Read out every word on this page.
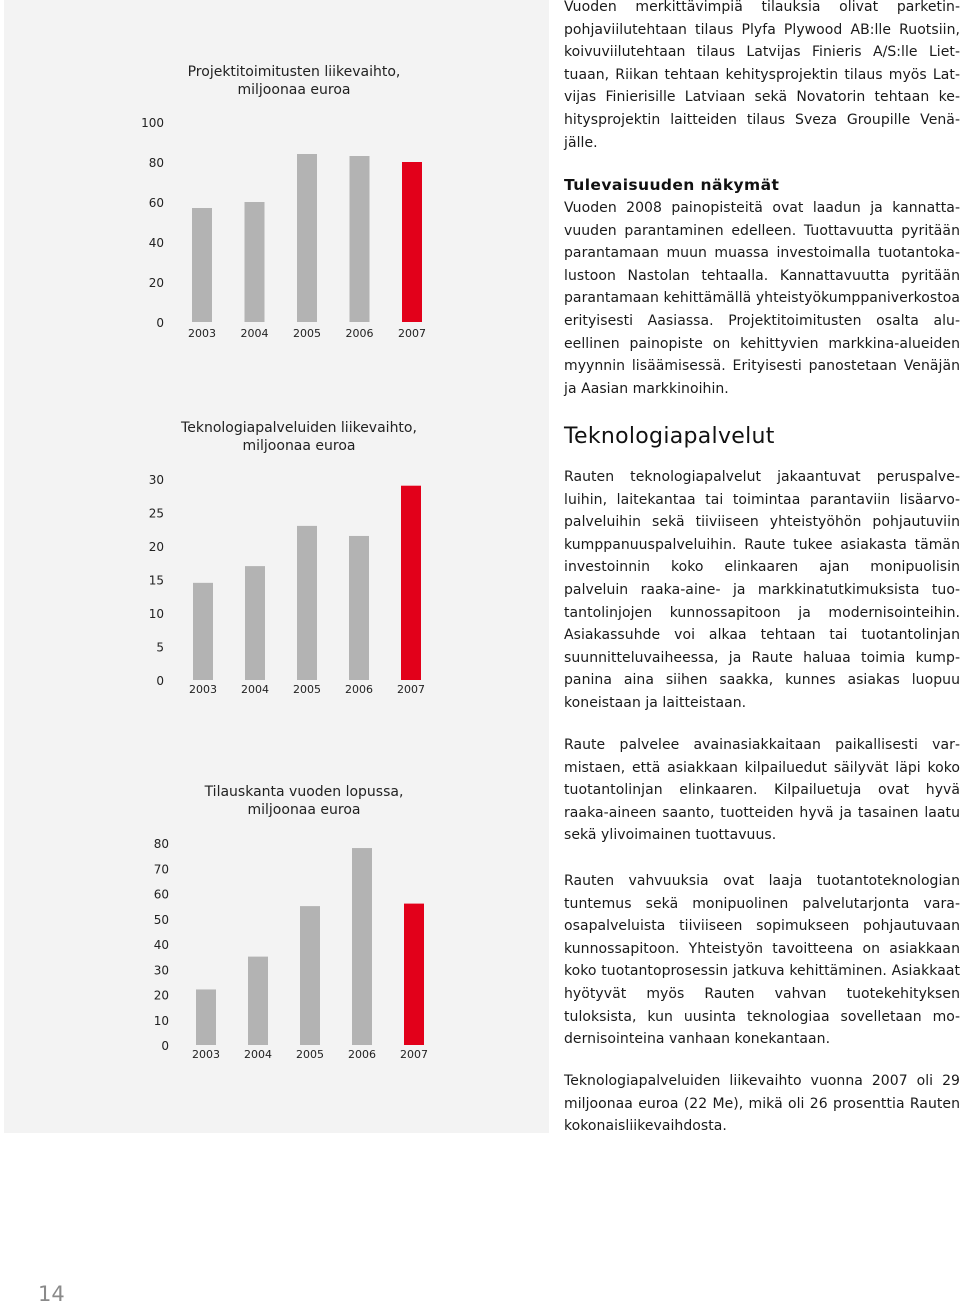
Projektitoimitusten liikevaihto,
miljoonaa euroa
0
20
40
60
80
100
2003 2004 2005 2006 2007
Teknologiapalveluiden liikevaihto,
miljoonaa euroa
0
5
10
15
20
25
30
2003 2004 2005 2006 2007
Tilauskanta vuoden lopussa,
miljoonaa euroa
0
10
20
30
40
50
60
70
80
2003 2004 2005 2006 2007

Vuoden merkittävimpiä tilauksia olivat parketinpohjaviilutehtaan tilaus Plyfa Plywood AB:lle Ruotsiin, koivuviilutehtaan tilaus Latvijas Finieris A/S:lle Liettuaan, Riikan tehtaan kehitysprojektin tilaus myös Latvijas Finierisille Latviaan sekä Novatorin tehtaan kehitysprojektin laitteiden tilaus Sveza Groupille Venäjälle.

Tulevaisuuden näkymät

Vuoden 2008 painopisteitä ovat laadun ja kannattavuuden parantaminen edelleen. Tuottavuutta pyritään parantamaan muun muassa investoimalla tuotantokalustoon Nastolan tehtaalla. Kannattavuutta pyritään parantamaan kehittämällä yhteistyökumppaniverkostoa erityisesti Aasiassa. Projektitoimitusten osalta alueellinen painopiste on kehittyvien markkina-alueiden myynnin lisäämisessä. Erityisesti panostetaan Venäjän ja Aasian markkinoihin.

Teknologiapalvelut

Rauten teknologiapalvelut jakaantuvat peruspalveluihin, laitekantaa tai toimintaa parantaviin lisäarvopalveluihin sekä tiiviiseen yhteistyöhön pohjautuviin kumppanuuspalveluihin. Raute tukee asiakasta tämän investoinnin koko elinkaaren ajan monipuolisin palveluin raaka-aine- ja markkinatutkimuksista tuotantolinjojen kunnossapitoon ja modernisointeihin. Asiakassuhde voi alkaa tehtaan tai tuotantolinjan suunnitteluvaiheessa, ja Raute haluaa toimia kumppanina aina siihen saakka, kunnes asiakas luopuu koneistaan ja laitteistaan.

Raute palvelee avainasiakkaitaan paikallisesti varmistaen, että asiakkaan kilpailuedut säilyvät läpi koko tuotantolinjan elinkaaren. Kilpailuetuja ovat hyvä raaka-aineen saanto, tuotteiden hyvä ja tasainen laatu sekä ylivoimainen tuottavuus.

Rauten vahvuuksia ovat laaja tuotantoteknologian tuntemus sekä monipuolinen palvelutarjonta varaosapalveluista tiiviiseen sopimukseen pohjautuvaan kunnossapitoon. Yhteistyön tavoitteena on asiakkaan koko tuotantoprosessin jatkuva kehittäminen. Asiakkaat hyötyvät myös Rauten vahvan tuotekehityksen tuloksista, kun uusinta teknologiaa sovelletaan modernisointeina vanhaan konekantaan.

Teknologiapalveluiden liikevaihto vuonna 2007 oli 29 miljoonaa euroa (22 Me), mikä oli 26 prosenttia Rauten kokonaisliikevaihdosta.

14
